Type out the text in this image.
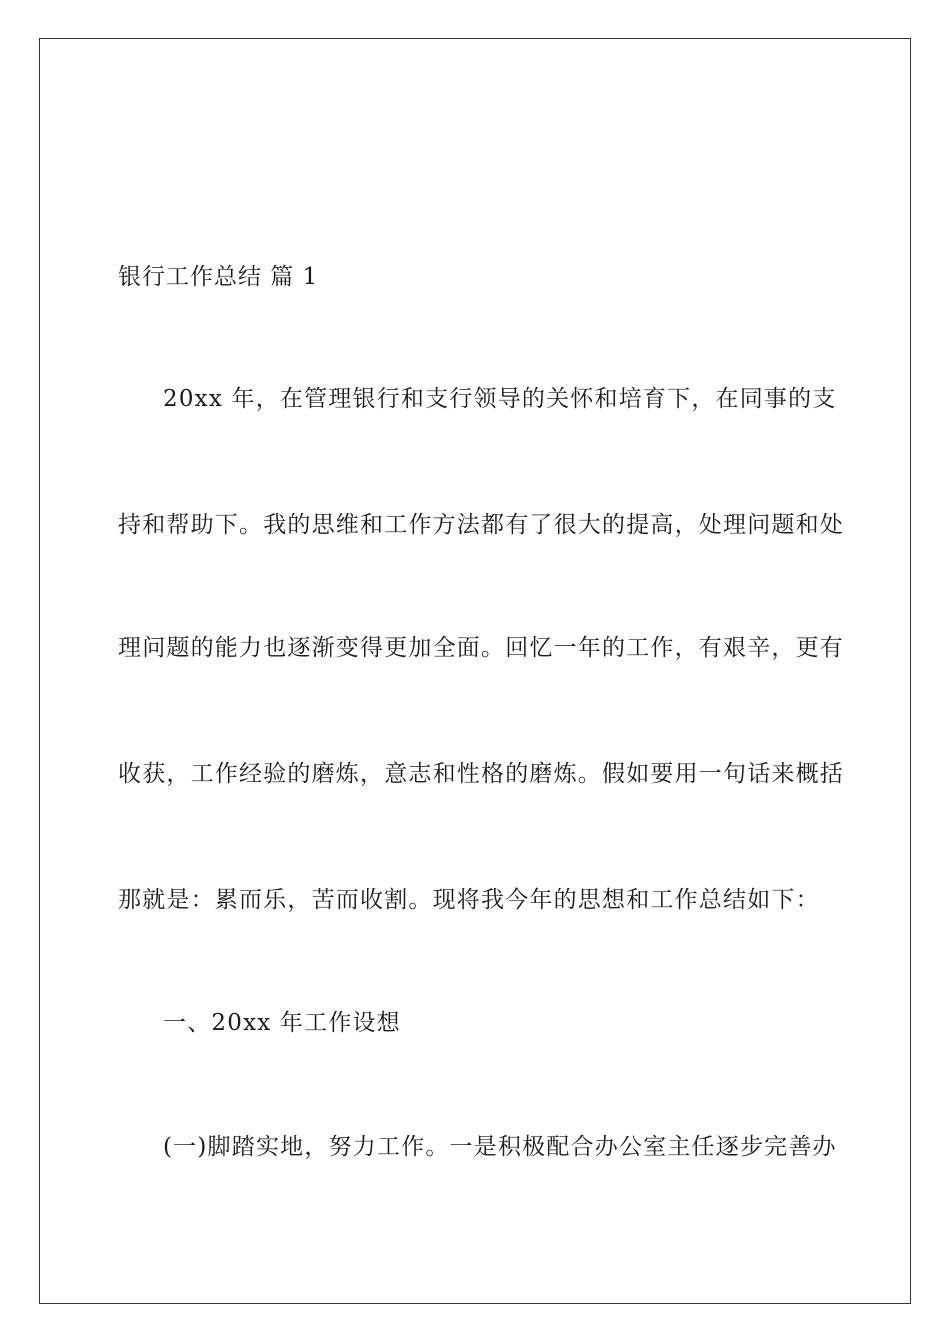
银行工作总结 篇 1
20xx 年，在管理银行和支行领导的关怀和培育下，在同事的支
持和帮助下。我的思维和工作方法都有了很大的提高，处理问题和处
理问题的能力也逐渐变得更加全面。回忆一年的工作，有艰辛，更有
收获，工作经验的磨炼，意志和性格的磨炼。假如要用一句话来概括
那就是：累而乐，苦而收割。现将我今年的思想和工作总结如下：
一、20xx 年工作设想
(一)脚踏实地，努力工作。一是积极配合办公室主任逐步完善办
